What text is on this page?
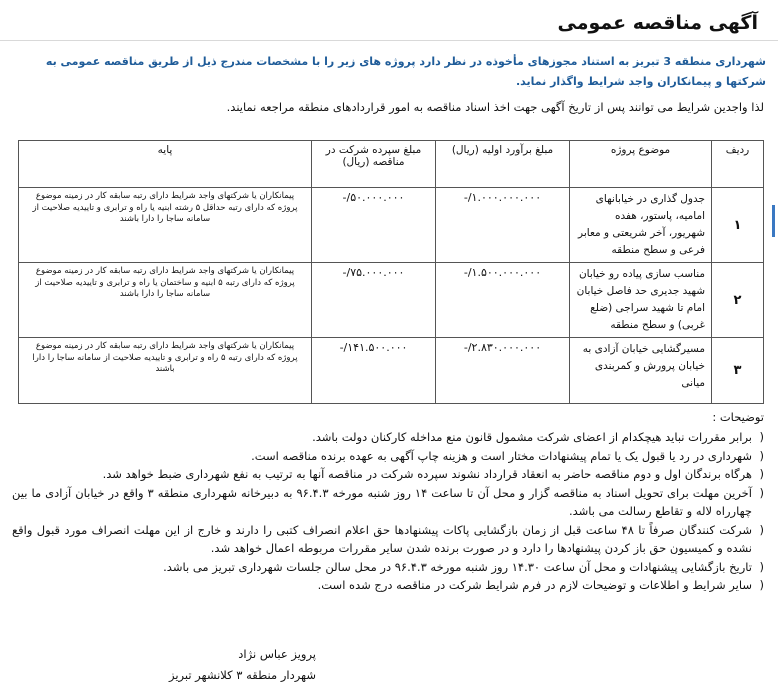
آگهی مناقصه عمومی
شهرداری منطقه 3 تبریز به استناد مجوزهای مأخوذه در نظر دارد پروژه های زیر را با مشخصات مندرج ذیل از طریق مناقصه عمومی به شرکتها و پیمانکاران واجد شرایط واگذار نماید.
لذا واجدین شرایط می توانند پس از تاریخ آگهی جهت اخذ اسناد مناقصه به امور قراردادهای منطقه مراجعه نمایند.
ردیف	موضوع پروژه	مبلغ برآورد اولیه (ریال)	مبلغ سپرده شرکت در مناقصه (ریال)	پایه
۱	جدول گذاری در خیابانهای امامیه، پاستور، هفده شهریور، آخر شریعتی و معابر فرعی و سطح منطقه	۱.۰۰۰.۰۰۰.۰۰۰/-	۵۰.۰۰۰.۰۰۰/-	پیمانکاران یا شرکتهای واجد شرایط دارای رتبه سابقه کار در زمینه موضوع پروژه که دارای رتبه حداقل ۵ رشته ابنیه یا راه و ترابری و تاییدیه صلاحیت از سامانه ساجا را دارا باشند
۲	مناسب سازی پیاده رو خیابان شهید جدیری حد فاصل خیابان امام تا شهید سراجی (ضلع غربی) و سطح منطقه	۱.۵۰۰.۰۰۰.۰۰۰/-	۷۵.۰۰۰.۰۰۰/-	پیمانکاران یا شرکتهای واجد شرایط دارای رتبه سابقه کار در زمینه موضوع پروژه که دارای رتبه ۵ ابنیه و ساختمان یا راه و ترابری و تاییدیه صلاحیت از سامانه ساجا را دارا باشند
۳	مسیرگشایی خیابان آزادی به خیابان پرورش و کمربندی میانی	۲.۸۳۰.۰۰۰.۰۰۰/-	۱۴۱.۵۰۰.۰۰۰/-	پیمانکاران یا شرکتهای واجد شرایط دارای رتبه سابقه کار در زمینه موضوع پروژه که دارای رتبه ۵ راه و ترابری و تاییدیه صلاحیت از سامانه ساجا را دارا باشند
توضیحات :
(
برابر مقررات نباید هیچکدام از اعضای شرکت مشمول قانون منع مداخله کارکنان دولت باشد.
(
شهرداری در رد یا قبول یک یا تمام پیشنهادات مختار است و هزینه چاپ آگهی به عهده برنده مناقصه است.
(
هرگاه برندگان اول و دوم مناقصه حاضر به انعقاد قرارداد نشوند سپرده شرکت در مناقصه آنها به ترتیب به نفع شهرداری ضبط خواهد شد.
(
آخرین مهلت برای تحویل اسناد به مناقصه گزار و محل آن تا ساعت ۱۴ روز شنبه مورخه ۹۶.۴.۳ به دبیرخانه شهرداری منطقه ۳ واقع در خیابان آزادی ما بین چهارراه لاله و تقاطع رسالت می باشد.
(
شرکت کنندگان صرفاً تا ۴۸ ساعت قبل از زمان بازگشایی پاکات پیشنهادها حق اعلام انصراف کتبی را دارند و خارج از این مهلت انصراف مورد قبول واقع نشده و کمیسیون حق باز کردن پیشنهادها را دارد و در صورت برنده شدن سایر مقررات مربوطه اعمال خواهد شد.
(
تاریخ بازگشایی پیشنهادات و محل آن ساعت ۱۴.۳۰ روز شنبه مورخه ۹۶.۴.۳ در محل سالن جلسات شهرداری تبریز می باشد.
(
سایر شرایط و اطلاعات و توضیحات لازم در فرم شرایط شرکت در مناقصه درج شده است.
پرویز عباس نژاد
شهردار منطقه ۳ کلانشهر تبریز
